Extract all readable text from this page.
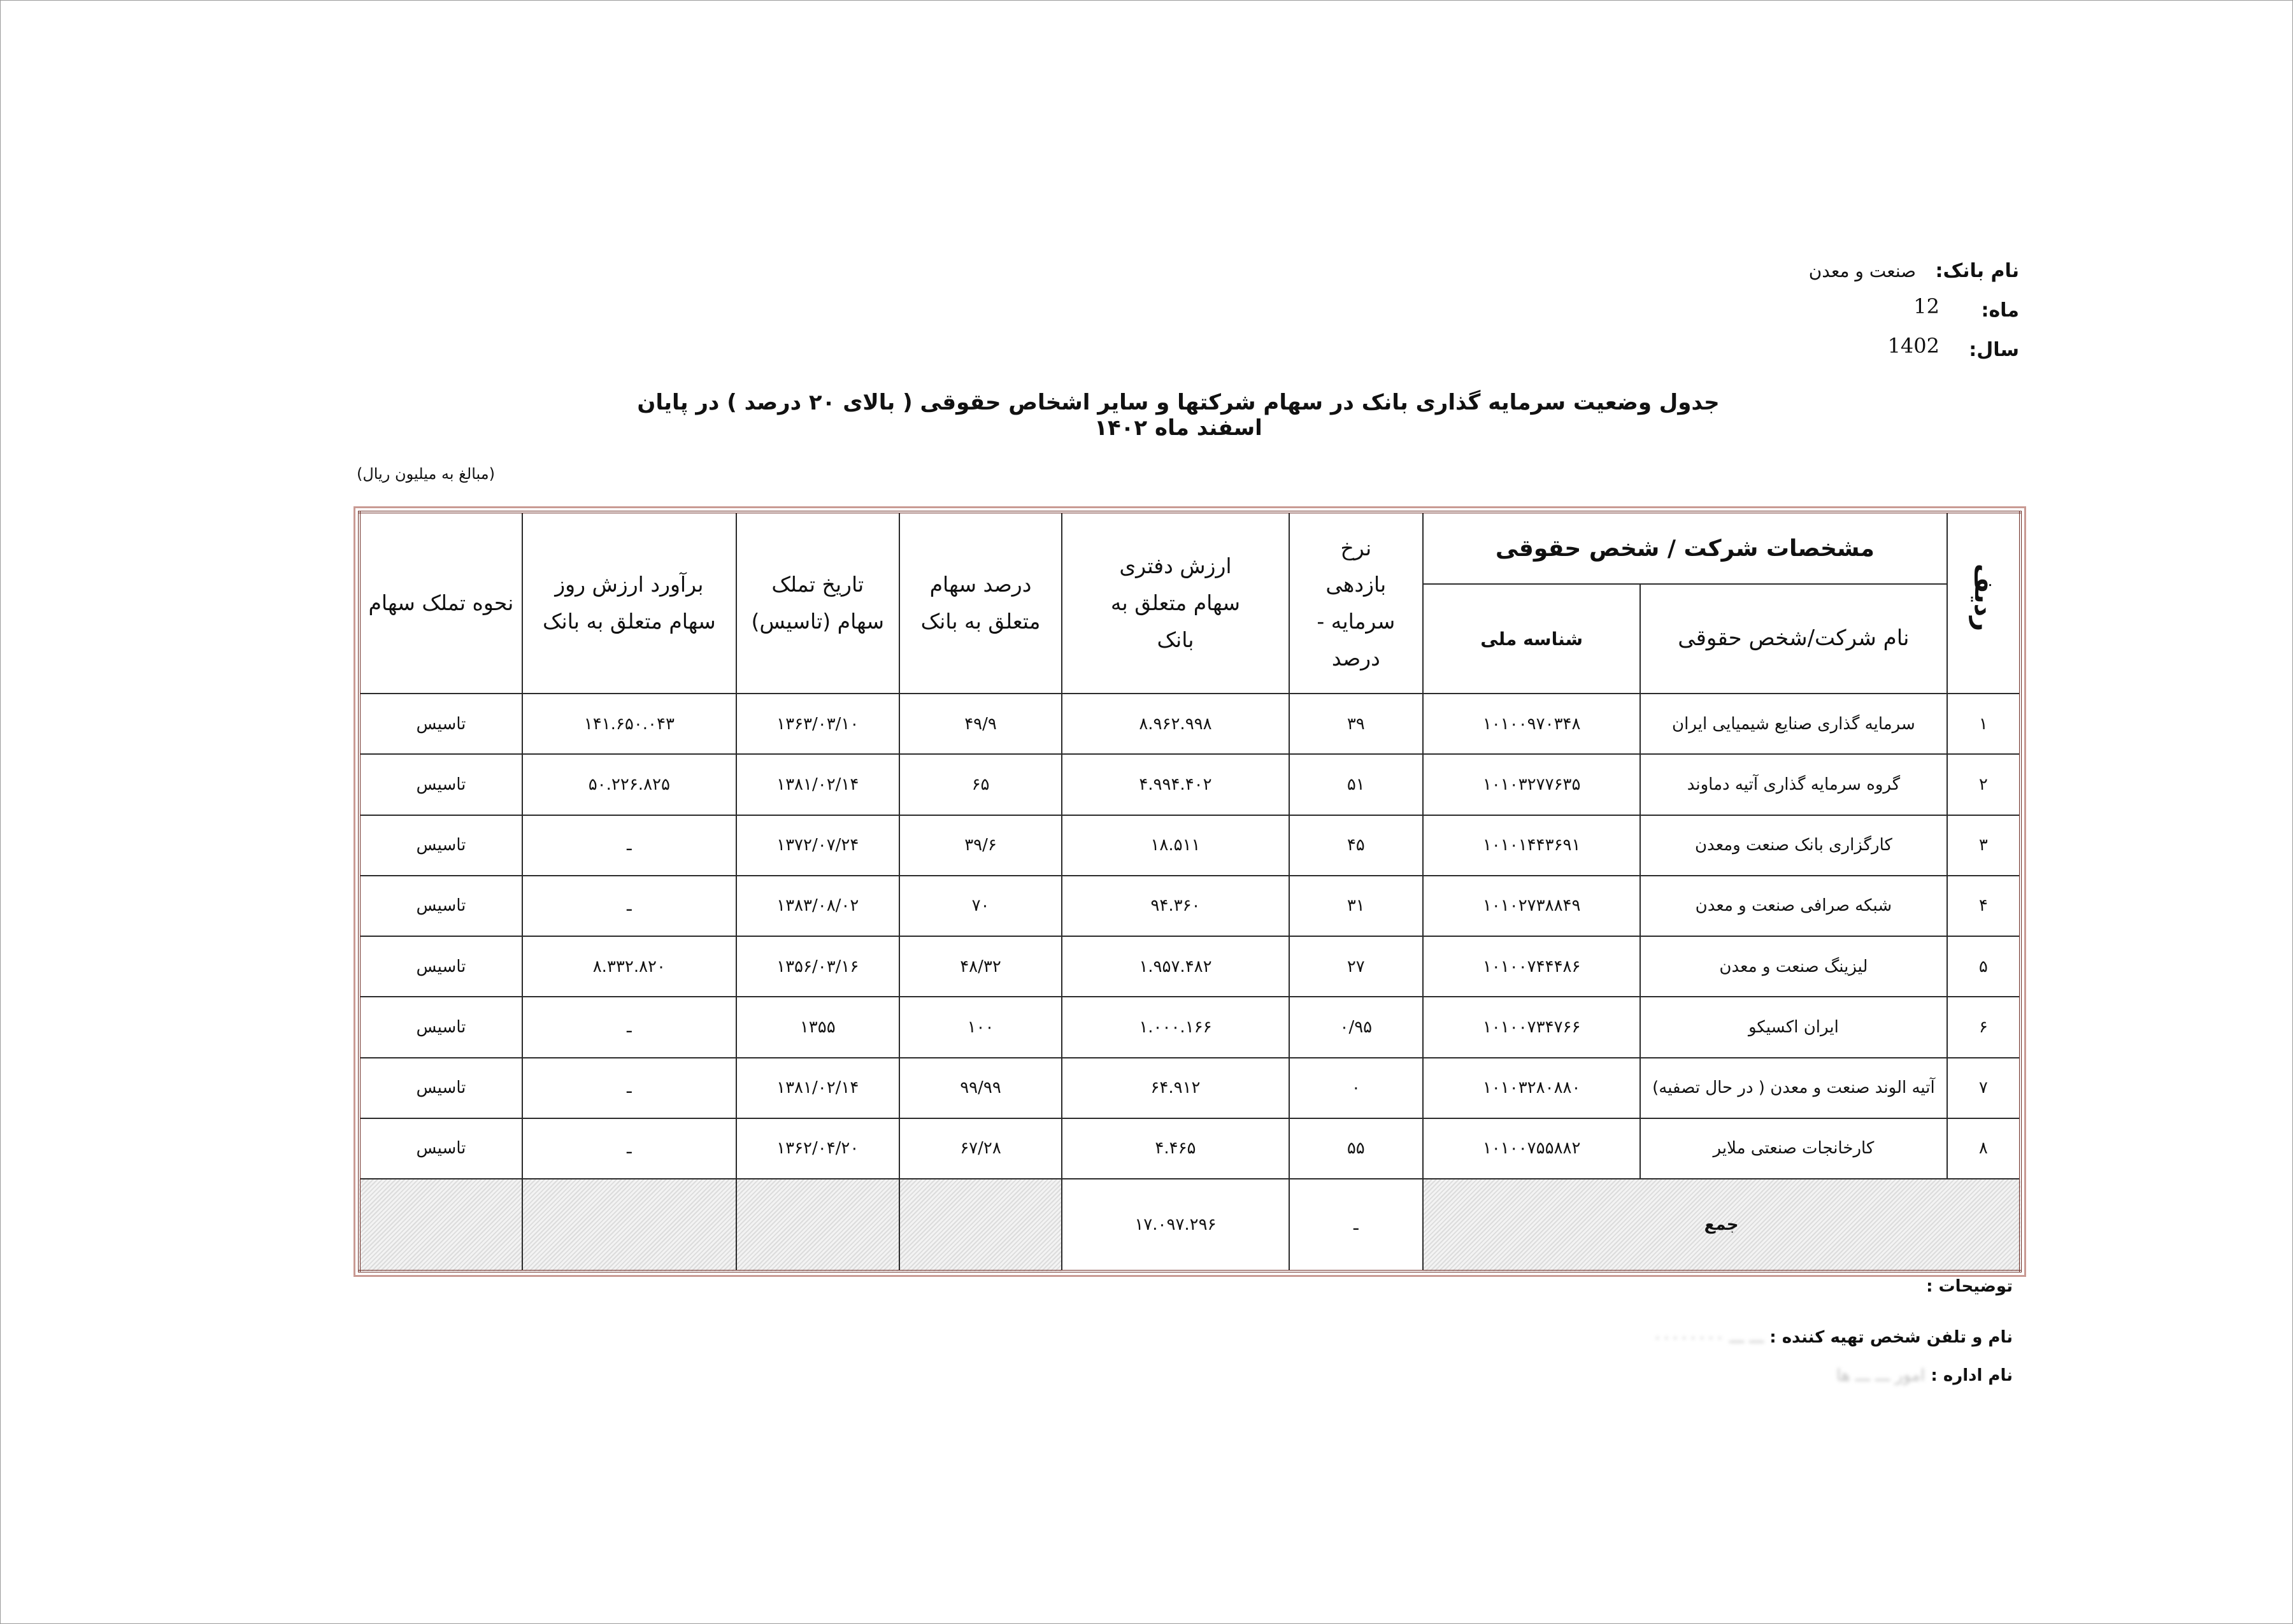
نام بانک: صنعت و معدن
ماه:
12
سال:
1402
جدول وضعیت سرمایه گذاری بانک در سهام شرکتها و سایر اشخاص حقوقی ( بالای ۲۰ درصد ) در پایان اسفند ماه ۱۴۰۲
(مبالغ به میلیون ریال)
ردیف	مشخصات شرکت / شخص حقوقی		نرخ بازدهی سرمایه - درصد	ارزش دفتری سهام متعلق به بانک	درصد سهام متعلق به بانک	تاریخ تملک سهام (تاسیس)	برآورد ارزش روز سهام متعلق به بانک	نحوه تملک سهام
	نام شرکت/شخص حقوقی	شناسه ملی						
۱	سرمایه گذاری صنایع شیمیایی ایران	۱۰۱۰۰۹۷۰۳۴۸	۳۹	۸.۹۶۲.۹۹۸	۴۹/۹	۱۳۶۳/۰۳/۱۰	۱۴۱.۶۵۰.۰۴۳	تاسیس
۲	گروه سرمایه گذاری آتیه دماوند	۱۰۱۰۳۲۷۷۶۳۵	۵۱	۴.۹۹۴.۴۰۲	۶۵	۱۳۸۱/۰۲/۱۴	۵۰.۲۲۶.۸۲۵	تاسیس
۳	کارگزاری بانک صنعت ومعدن	۱۰۱۰۱۴۴۳۶۹۱	۴۵	۱۸.۵۱۱	۳۹/۶	۱۳۷۲/۰۷/۲۴	ـ	تاسیس
۴	شبکه صرافی صنعت و معدن	۱۰۱۰۲۷۳۸۸۴۹	۳۱	۹۴.۳۶۰	۷۰	۱۳۸۳/۰۸/۰۲	ـ	تاسیس
۵	لیزینگ صنعت و معدن	۱۰۱۰۰۷۴۴۴۸۶	۲۷	۱.۹۵۷.۴۸۲	۴۸/۳۲	۱۳۵۶/۰۳/۱۶	۸.۳۳۲.۸۲۰	تاسیس
۶	ایران اکسیکو	۱۰۱۰۰۷۳۴۷۶۶	۰/۹۵	۱.۰۰۰.۱۶۶	۱۰۰	۱۳۵۵	ـ	تاسیس
۷	آتیه الوند صنعت و معدن ( در حال تصفیه)	۱۰۱۰۳۲۸۰۸۸۰	۰	۶۴.۹۱۲	۹۹/۹۹	۱۳۸۱/۰۲/۱۴	ـ	تاسیس
۸	کارخانجات صنعتی ملایر	۱۰۱۰۰۷۵۵۸۸۲	۵۵	۴.۴۶۵	۶۷/۲۸	۱۳۶۲/۰۴/۲۰	ـ	تاسیس
جمع			ـ	۱۷.۰۹۷.۲۹۶				
توضیحات :
نام و تلفن شخص تهیه کننده : ـــ ـــ ۰۰۰۰۰۰۰۰
نام اداره : امور ـــ ـــ ها
